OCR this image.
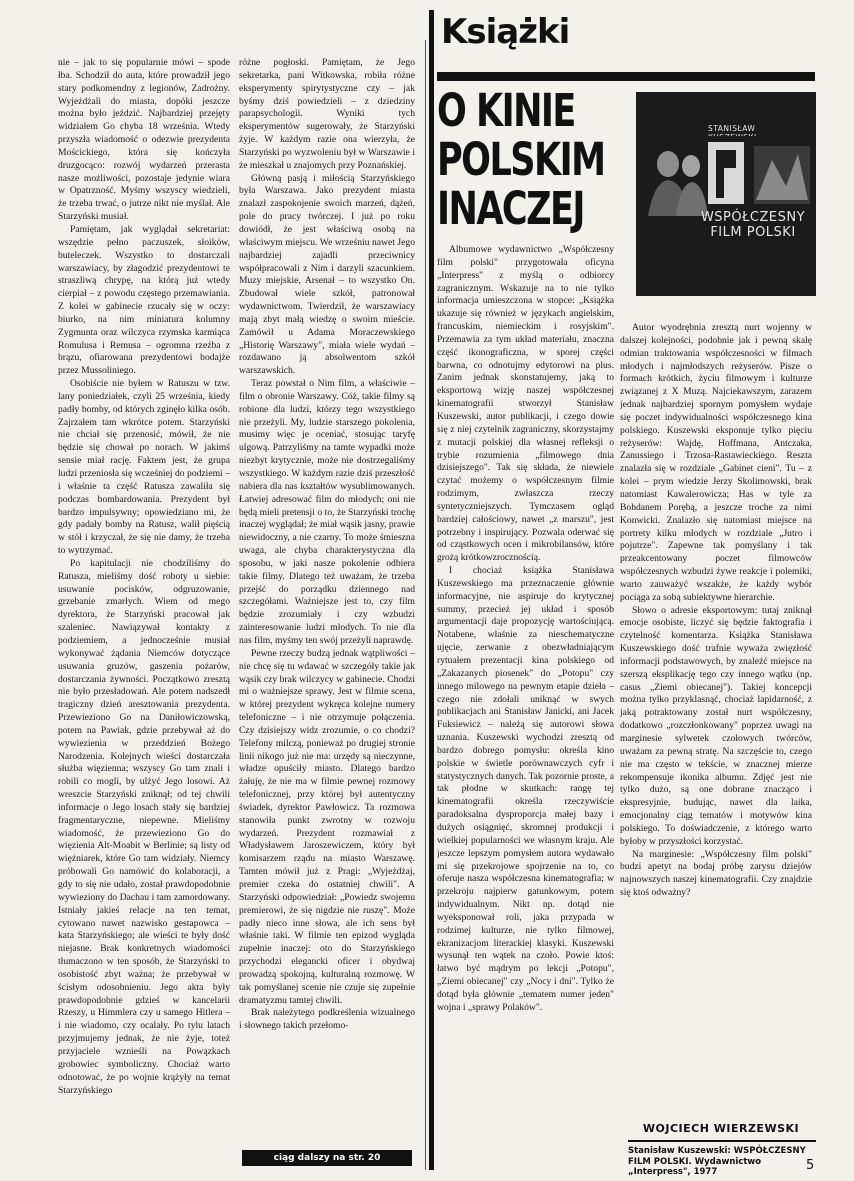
nie – jak to się popularnie mówi – spode łba. Schodził do auta, które prowadził jego stary podkomendny z legionów, Zadrożny. Wyjeżdżali do miasta, dopóki jeszcze można było jeździć. Najbardziej przejęty widziałem Go chyba 18 września. Wtedy przyszła wiadomość o odezwie prezydenta Mościckiego, która się kończyła druzgocąco: rozwój wydarzeń przerasta nasze możliwości, pozostaje jedynie wiara w Opatrzność. Myśmy wszyscy wiedzieli, że trzeba trwać, o jutrze nikt nie myślał. Ale Starzyński musiał.

Pamiętam, jak wyglądał sekretariat: wszędzie pełno paczuszek, słoików, buteleczek. Wszystko to dostarczali warszawiacy, by złagodzić prezydentowi te straszliwą chrypę, na którą już wtedy cierpiał – z powodu częstego przemawiania. Z kolei w gabinecie rzucały się w oczy: biurko, na nim miniatura kolumny Zygmunta oraz wilczyca rzymska karmiąca Romulusa i Remusa – ogromna rzeźba z brązu, ofiarowana prezydentowi bodajże przez Mussoliniego.

Osobiście nie byłem w Ratuszu w tzw. lany poniedziałek, czyli 25 września, kiedy padły bomby, od których zginęło kilka osób. Zajrzałem tam wkrótce potem. Starzyński nie chciał się przenosić, mówił, że nie będzie się chował po norach. W jakimś sensie miał rację. Faktem jest, że grupa ludzi przeniosła się wcześniej do podziemi – i właśnie ta część Ratusza zawaliła się podczas bombardowania. Prezydent był bardzo impulsywny; opowiedziano mi, że gdy padały bomby na Ratusz, walił pięścią w stół i krzyczał, że się nie damy, że trzeba to wytrzymać.

Po kapitulacji nie chodziliśmy do Ratusza, mieliśmy dość roboty u siebie: usuwanie pocisków, odgruzowanie, grzebanie zmarłych. Wiem od mego dyrektora, że Starzyński pracował jak szaleniec. Nawiązywał kontakty z podziemiem, a jednocześnie musiał wykonywać żądania Niemców dotyczące usuwania gruzów, gaszenia pożarów, dostarczania żywności. Początkowo zresztą nie było przesładowań. Ale potem nadszedł tragiczny dzień aresztowania prezydenta. Przewieziono Go na Daniłowiczowską, potem na Pawiak, gdzie przebywał aż do wywiezienia w przeddzień Bożego Narodzenia. Kolejnych wieści dostarczała służba więzienna; wszyscy Go tam znali i robili co mogli, by ulżyć Jego losowi. Aż wreszcie Starzyński zniknął; od tej chwili informacje o Jego losach stały się bardziej fragmentaryczne, niepewne. Mieliśmy wiadomość, że przewieziono Go do więzienia Alt-Moabit w Berlinie; są listy od więźniarek, które Go tam widziały. Niemcy próbowali Go namówić do kolaboracji, a gdy to się nie udało, został prawdopodobnie wywieziony do Dachau i tam zamordowany. Istniały jakieś relacje na ten temat, cytowano nawet nazwisko gestapowca – kata Starzyńskiego; ale wieści te były dość niejasne. Brak konkretnych wiadomości tłumaczono w ten sposób, że Starzyński to osobistość zbyt ważna; że przebywał w ścisłym odosobnieniu. Jego akta były prawdopodobnie gdzieś w kancelarii Rzeszy, u Himmlera czy u samego Hitlera – i nie wiadomo, czy ocalały. Po tylu latach przyjmujemy jednak, że nie żyje, toteż przyjaciele wznieśli na Powązkach grobowiec symboliczny. Chociaż warto odnotować, że po wojnie krążyły na temat Starzyńskiego

różne pogłoski. Pamiętam, że Jego sekretarka, pani Witkowska, robiła różne eksperymenty spirytystyczne czy – jak byśmy dziś powiedzieli – z dziedziny parapsychologii. Wyniki tych eksperymentów sugerowały, że Starzyński żyje. W każdym razie ona wierzyła, że Starzyński po wyzwoleniu był w Warszawie i że mieszkał u znajomych przy Poznańskiej.

Główną pasją i miłością Starzyńskiego była Warszawa. Jako prezydent miasta znalazł zaspokojenie swoich marzeń, dążeń, pole do pracy twórczej. I już po roku dowiódł, że jest właściwą osobą na właściwym miejscu. We wrześniu nawet Jego najbardziej zajadli przeciwnicy współpracowali z Nim i darzyli szacunkiem. Muzy miejskie, Arsenał – to wszystko On. Zbudował wiele szkół, patronował wydawnictwom. Twierdził, że warszawiacy mają zbyt małą wiedzę o swoim mieście. Zamówił u Adama Moraczewskiego „Historię Warszawy", miała wiele wydań – rozdawano ją absolwentom szkół warszawskich.

Teraz powstał o Nim film, a właściwie – film o obronie Warszawy. Cóż, takie filmy są robione dla ludzi, którzy tego wszystkiego nie przeżyli. My, ludzie starszego pokolenia, musimy więc je oceniać, stosując taryfę ulgową. Patrzyliśmy na tamte wypadki może niezbyt krytycznie, może nie dostrzegaliśmy wszystkiego. W każdym razie dziś przeszłość nabiera dla nas kształtów wysublimowanych. Łatwiej adresować film do młodych; oni nie będą mieli pretensji o to, że Starzyński trochę inaczej wyglądał; że miał wąsik jasny, prawie niewidoczny, a nie czarny. To może śmieszna uwaga, ale chyba charakterystyczna dla sposobu, w jaki nasze pokolenie odbiera takie filmy. Dlatego też uważam, że trzeba przejść do porządku dziennego nad szczegółami. Ważniejsze jest to, czy film będzie zrozumiały i czy wzbudzi zainteresowanie ludzi młodych. To nie dla nas film, myśmy ten swój przeżyli naprawdę.

Pewne rzeczy budzą jednak wątpliwości – nie chcę się tu wdawać w szczegóły takie jak wąsik czy brak wilczycy w gabinecie. Chodzi mi o ważniejsze sprawy. Jest w filmie scena, w której prezydent wykręca kolejne numery telefoniczne – i nie otrzymuje połączenia. Czy dzisiejszy widz zrozumie, o co chodzi? Telefony milczą, ponieważ po drugiej stronie linii nikogo już nie ma: urzędy są nieczynne, władze opuściły miasto. Dlatego bardzo żałuję, że nie ma w filmie pewnej rozmowy telefonicznej, przy której był autentyczny świadek, dyrektor Pawłowicz. Ta rozmowa stanowiła punkt zwrotny w rozwoju wydarzeń. Prezydent rozmawiał z Władysławem Jaroszewiczem, który był komisarzem rządu na miasto Warszawę. Tamten mówił już z Pragi: „Wyjeżdżaj, premier czeka do ostatniej chwili". A Starzyński odpowiedział: „Powiedz swojemu premierowi, że się nigdzie nie ruszę". Może padły nieco inne słowa, ale ich sens był właśnie taki. W filmie ten epizod wygląda zupełnie inaczej: oto do Starzyńskiego przychodzi elegancki oficer i obydwaj prowadzą spokojną, kulturalną rozmowę. W tak pomyślanej scenie nie czuje się zupełnie dramatyzmu tamtej chwili.

Brak należytego podkreślenia wizualnego i słownego takich przełomo-

ciąg dalszy na str. 20
Książki
O KINIE POLSKIM INACZEJ
STANISŁAW
WSPÓŁCZESNY FILM POLSKI

Albumowe wydawnictwo „Współczesny film polski" przygotowała oficyna „Interpress" z myślą o odbiorcy zagranicznym. Wskazuje na to nie tylko informacja umieszczona w stopce: „Książka ukazuje się również w językach angielskim, francuskim, niemieckim i rosyjskim". Przemawia za tym układ materiału, znaczna część ikonograficzna, w sporej części barwna, co odnotujmy edytorowi na plus. Zanim jednak skonstatujemy, jaką to eksportową wizję naszej współczesnej kinematografii stworzył Stanisław Kuszewski, autor publikacji, i czego dowie się z niej czytelnik zagraniczny, skorzystajmy z mutacji polskiej dla własnej refleksji o trybie rozumienia „filmowego dnia dzisiejszego". Tak się składa, że niewiele czytać możemy o współczesnym filmie rodzimym, zwłaszcza rzeczy syntetyczniejszych. Tymczasem ogląd bardziej całościowy, nawet „z marszu", jest potrzebny i inspirujący. Pozwala oderwać się od cząstkowych ocen i mikrobilansów, które grożą krótkowzrocznością.

I chociaż książka Stanisława Kuszewskiego ma przeznaczenie głównie informacyjne, nie aspiruje do krytycznej summy, przecież jej układ i sposób argumentacji daje propozycję wartościującą. Notabene, właśnie za nieschematyczne ujęcie, zerwanie z obezwładniającym rytuałem prezentacji kina polskiego od „Zakazanych piosenek" do „Potopu" czy innego milowego na pewnym etapie dzieła – czego nie zdołali uniknąć w swych publikacjach ani Stanisław Janicki, ani Jacek Fuksiewicz – należą się autorowi słowa uznania. Kuszewski wychodzi zresztą od bardzo dobrego pomysłu: określa kino polskie w świetle porównawczych cyfr i statystycznych danych. Tak pozornie proste, a tak płodne w skutkach: rangę tej kinematografii określa rzeczywiście paradoksalna dysproporcja małej bazy i dużych osiągnięć, skromnej produkcji i wielkiej popularności we własnym kraju. Ale jeszcze lepszym pomysłem autora wydawało mi się przekrojowe spojrzenie na to, co oferuje nasza współczesna kinematografia; w przekroju najpierw gatunkowym, potem indywidualnym. Nikt np. dotąd nie wyeksponował roli, jaka przypada w rodzimej kulturze, nie tylko filmowej, ekranizacjom literackiej klasyki. Kuszewski wysunął ten wątek na czoło. Powie ktoś: łatwo być mądrym po lekcji „Potopu", „Ziemi obiecanej" czy „Nocy i dni". Tylko że dotąd była głównie „tematem numer jeden" wojna i „sprawy Polaków".

Autor wyodrębnia zresztą nurt wojenny w dalszej kolejności, podobnie jak i pewną skalę odmian traktowania współczesności w filmach młodych i najmłodszych reżyserów. Pisze o formach krótkich, życiu filmowym i kulturze związanej z X Muzą. Najciekawszym, zarazem jednak najbardziej spornym pomysłem wydaje się poczet indywidualności współczesnego kina polskiego. Kuszewski eksponuje tylko pięciu reżyserów: Wajdę, Hoffmana, Antczaka, Zanussiego i Trzosa-Rastawieckiego. Reszta znalazła się w rozdziale „Gabinet cieni". Tu – z kolei – prym wiedzie Jerzy Skolimowski, brak natomiast Kawalerowicza; Has w tyle za Bohdanem Porębą, a jeszcze troche za nimi Konwicki. Znalazło się natomiast miejsce na portrety kilku młodych w rozdziale „Jutro i pojutrze". Zapewne tak pomyślany i tak przeakcentowany poczet filmowców współczesnych wzbudzi żywe reakcje i polemiki, warto zauważyć wszakże, że każdy wybór pociąga za sobą subiektywne hierarchie.

Słowo o adresie eksportowym: tutaj zniknął emocje osobiste, liczyć się będzie faktografia i czytelność komentarza. Książka Stanisława Kuszewskiego dość trafnie wyważa zwięzłość informacji podstawowych, by znaleźć miejsce na szerszą eksplikację tego czy innego wątku (np. casus „Ziemi obiecanej"). Takiej koncepcji można tylko przyklasnąć, chociaż lapidarność, z jaką potraktowany został nurt współczesny, dodatkowo „rozczłonkowany" poprzez uwagi na marginesie sylwetek czołowych twórców, uważam za pewną stratę. Na szczęście to, czego nie ma często w tekście, w znacznej mierze rekompensuje ikonika albumu. Zdjęć jest nie tylko dużo, są one dobrane znacząco i ekspresyjnie, budując, nawet dla laika, emocjonalny ciąg tematów i motywów kina polskiego. To doświadczenie, z którego warto byłoby w przyszłości korzystać.

Na marginesie: „Współczesny film polski" budzi apetyt na bodaj próbę zarysu dziejów najnowszych naszej kinematografii. Czy znajdzie się ktoś odważny?

WOJCIECH WIERZEWSKI
Stanisław Kuszewski: WSPÓŁCZESNY FILM POLSKI. Wydawnictwo „Interpress", 1977	5
